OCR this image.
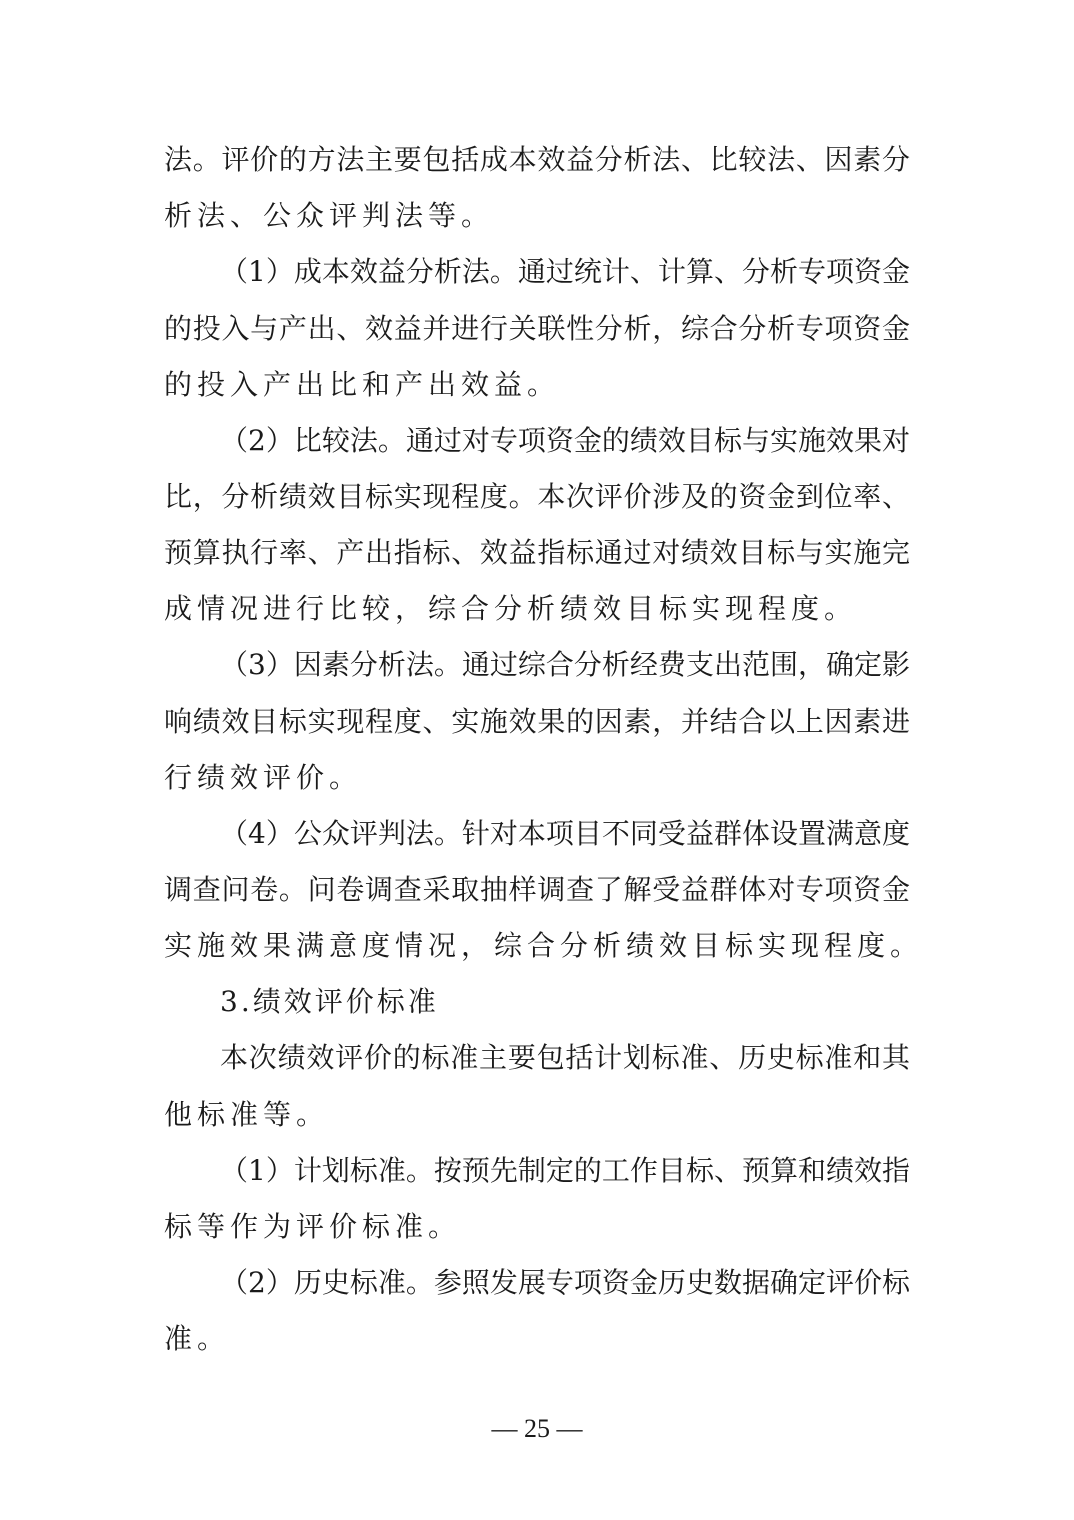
法。评价的方法主要包括成本效益分析法、比较法、因素分
析法、公众评判法等。
（1）成本效益分析法。通过统计、计算、分析专项资金
的投入与产出、效益并进行关联性分析，综合分析专项资金
的投入产出比和产出效益。
（2）比较法。通过对专项资金的绩效目标与实施效果对
比，分析绩效目标实现程度。本次评价涉及的资金到位率、
预算执行率、产出指标、效益指标通过对绩效目标与实施完
成情况进行比较，综合分析绩效目标实现程度。
（3）因素分析法。通过综合分析经费支出范围，确定影
响绩效目标实现程度、实施效果的因素，并结合以上因素进
行绩效评价。
（4）公众评判法。针对本项目不同受益群体设置满意度
调查问卷。问卷调查采取抽样调查了解受益群体对专项资金
实施效果满意度情况，综合分析绩效目标实现程度。
3.绩效评价标准
本次绩效评价的标准主要包括计划标准、历史标准和其
他标准等。
（1）计划标准。按预先制定的工作目标、预算和绩效指
标等作为评价标准。
（2）历史标准。参照发展专项资金历史数据确定评价标
准。
— 25 —
